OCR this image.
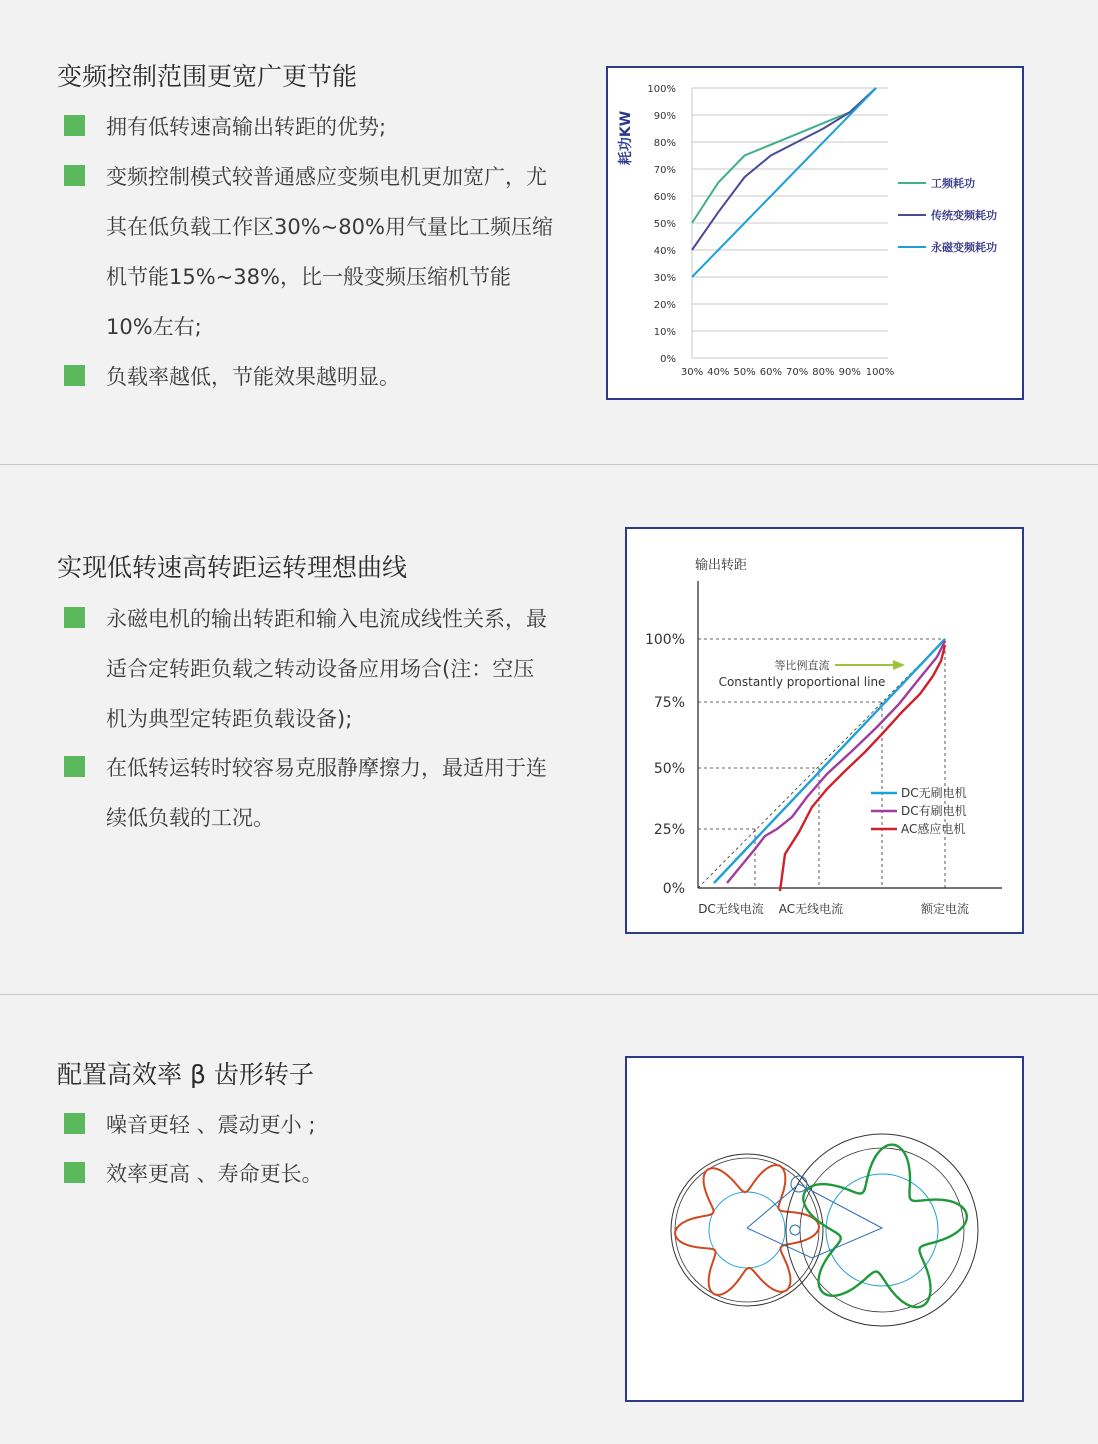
变频控制范围更宽广更节能
拥有低转速高输出转距的优势;
变频控制模式较普通感应变频电机更加宽广，尤
其在低负载工作区30%~80%用气量比工频压缩
机节能15%~38%，比一般变频压缩机节能
10%左右;
负载率越低，节能效果越明显。
100%
90%
80%
70%
60%
50%
40%
30%
20%
10%
0%
30% 40% 50% 60% 70% 80% 90% 100%
耗功KW
工频耗功
传统变频耗功
永磁变频耗功
实现低转速高转距运转理想曲线
永磁电机的输出转距和输入电流成线性关系，最
适合定转距负载之转动设备应用场合(注：空压
机为典型定转距负载设备);
在低转运转时较容易克服静摩擦力，最适用于连
续低负载的工况。
输出转距
100%
75%
50%
25%
0%
DC无线电流 AC无线电流	额定电流
等比例直流
Constantly proportional line
DC无刷电机
DC有刷电机
AC感应电机
配置高效率 β 齿形转子
噪音更轻 、震动更小 ;
效率更高 、寿命更长。
